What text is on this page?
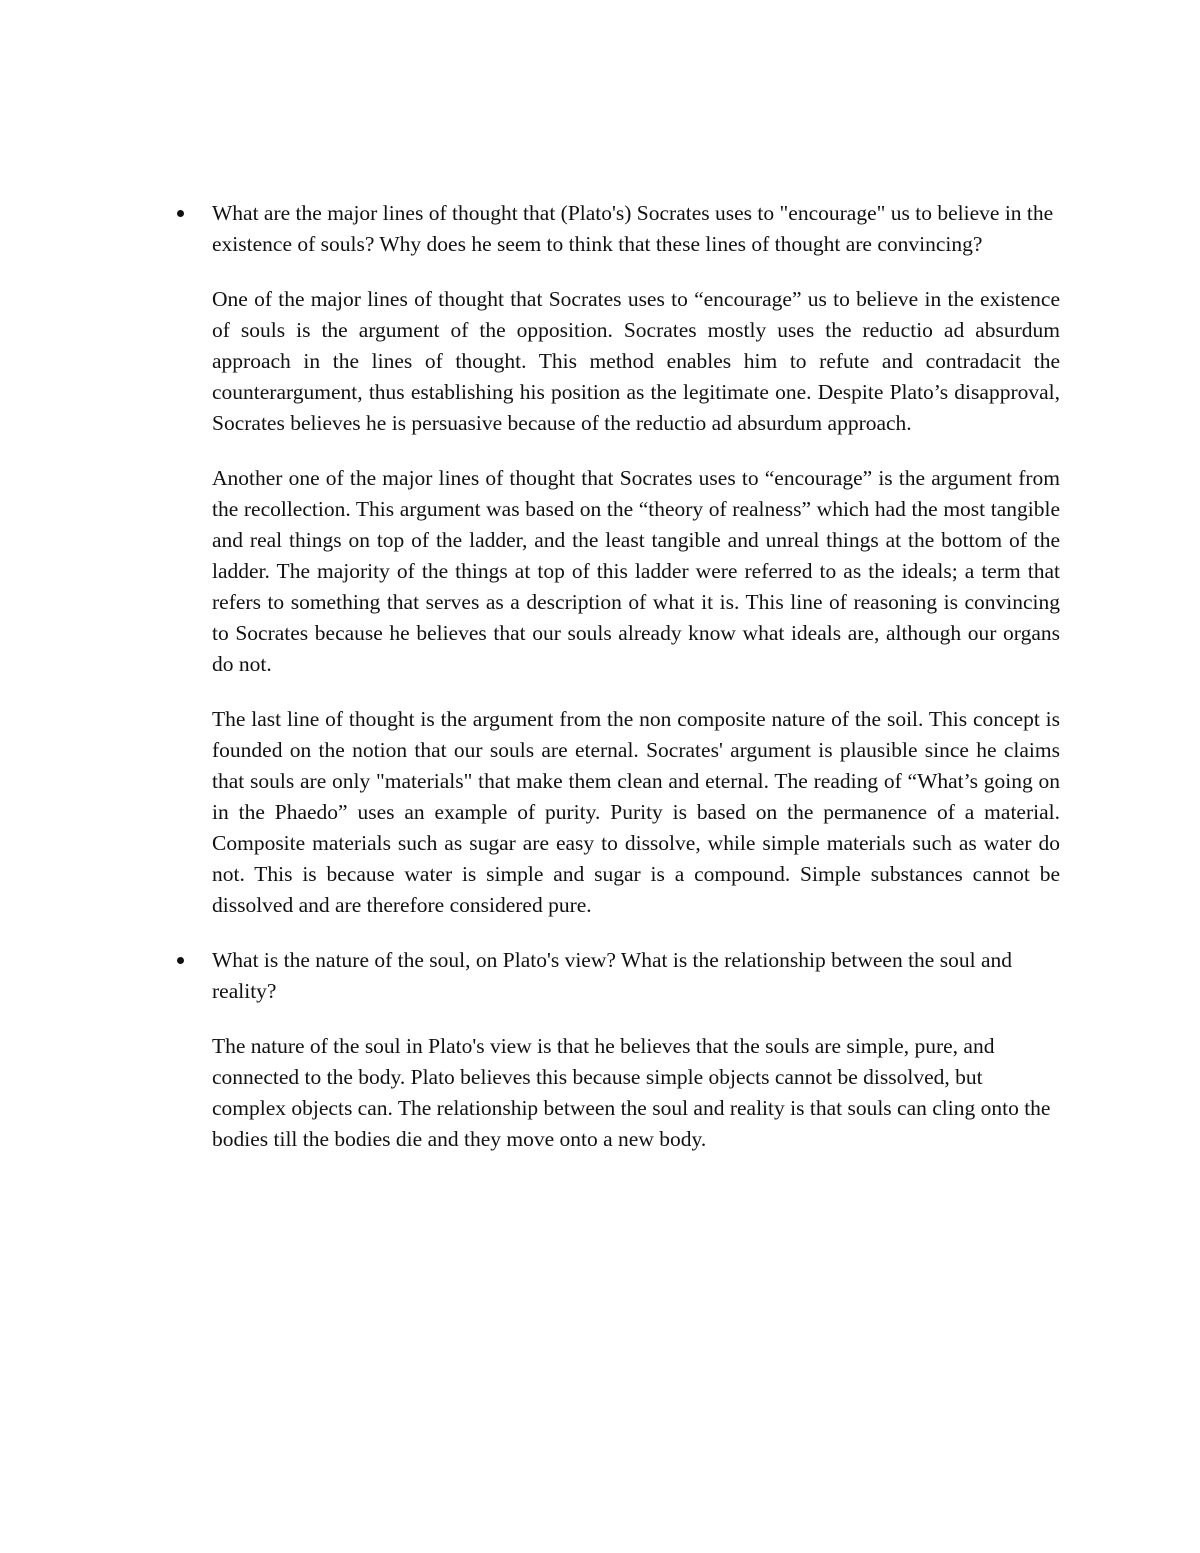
What are the major lines of thought that (Plato's) Socrates uses to "encourage" us to believe in the existence of souls? Why does he seem to think that these lines of thought are convincing?

One of the major lines of thought that Socrates uses to “encourage” us to believe in the existence of souls is the argument of the opposition. Socrates mostly uses the reductio ad absurdum approach in the lines of thought. This method enables him to refute and contradacit the counterargument, thus establishing his position as the legitimate one. Despite Plato’s disapproval, Socrates believes he is persuasive because of the reductio ad absurdum approach.

Another one of the major lines of thought that Socrates uses to “encourage” is the argument from the recollection. This argument was based on the “theory of realness” which had the most tangible and real things on top of the ladder, and the least tangible and unreal things at the bottom of the ladder. The majority of the things at top of this ladder were referred to as the ideals; a term that refers to something that serves as a description of what it is. This line of reasoning is convincing to Socrates because he believes that our souls already know what ideals are, although our organs do not.

The last line of thought is the argument from the non composite nature of the soil. This concept is founded on the notion that our souls are eternal. Socrates' argument is plausible since he claims that souls are only "materials" that make them clean and eternal. The reading of “What’s going on in the Phaedo” uses an example of purity. Purity is based on the permanence of a material. Composite materials such as sugar are easy to dissolve, while simple materials such as water do not. This is because water is simple and sugar is a compound. Simple substances cannot be dissolved and are therefore considered pure.

What is the nature of the soul, on Plato's view? What is the relationship between the soul and reality?

The nature of the soul in Plato's view is that he believes that the souls are simple, pure, and connected to the body. Plato believes this because simple objects cannot be dissolved, but complex objects can. The relationship between the soul and reality is that souls can cling onto the bodies till the bodies die and they move onto a new body.
